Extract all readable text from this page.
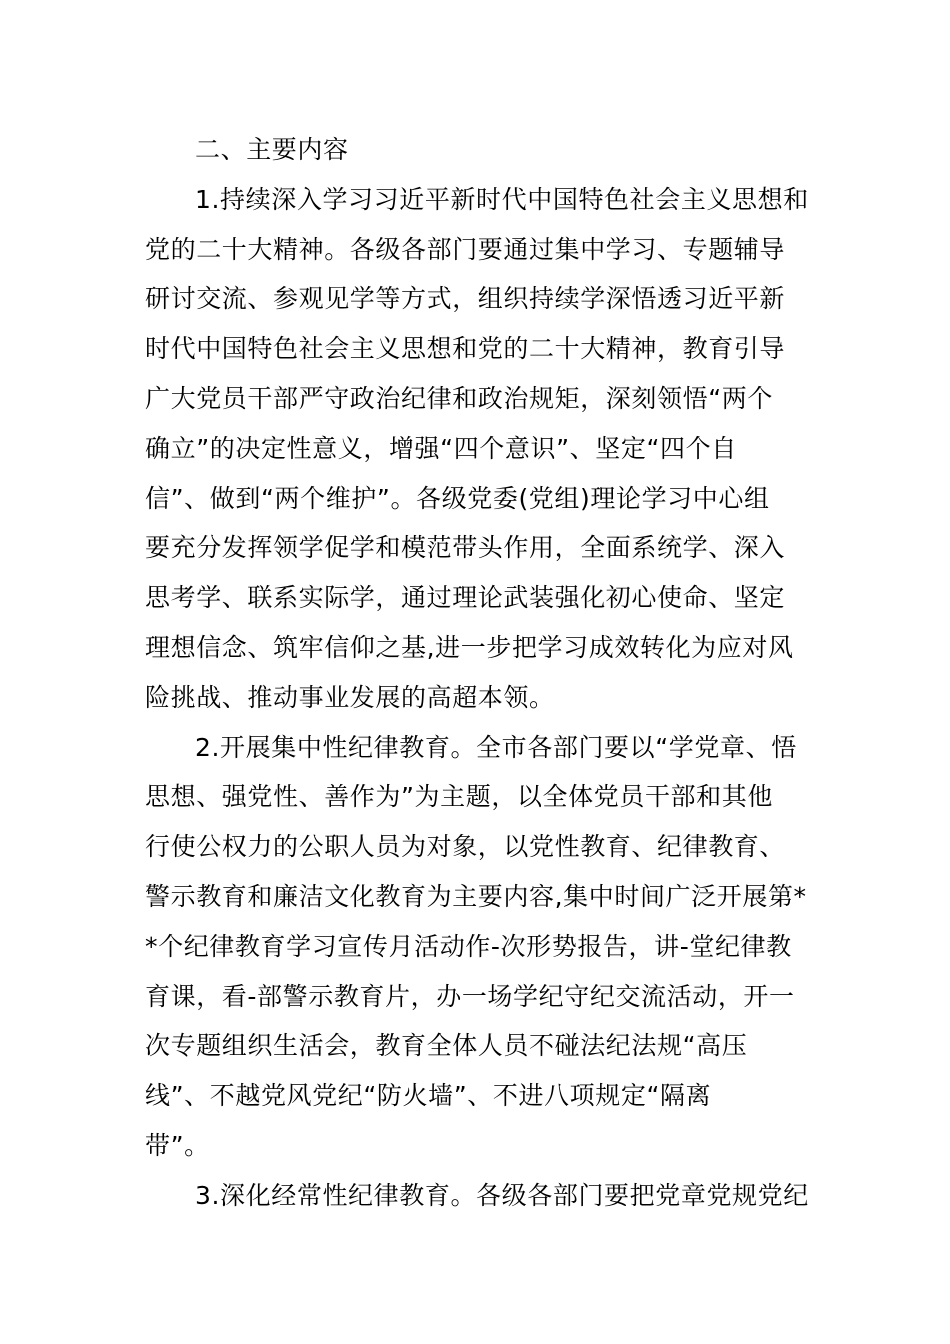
二、主要内容
1.持续深入学习习近平新时代中国特色社会主义思想和
党的二十大精神。各级各部门要通过集中学习、专题辅导
研讨交流、参观见学等方式，组织持续学深悟透习近平新
时代中国特色社会主义思想和党的二十大精神，教育引导
广大党员干部严守政治纪律和政治规矩，深刻领悟“两个
确立”的决定性意义，增强“四个意识”、坚定“四个自
信”、做到“两个维护”。各级党委(党组)理论学习中心组
要充分发挥领学促学和模范带头作用，全面系统学、深入
思考学、联系实际学，通过理论武装强化初心使命、坚定
理想信念、筑牢信仰之基,进一步把学习成效转化为应对风
险挑战、推动事业发展的高超本领。
2.开展集中性纪律教育。全市各部门要以“学党章、悟
思想、强党性、善作为”为主题，以全体党员干部和其他
行使公权力的公职人员为对象，以党性教育、纪律教育、
警示教育和廉洁文化教育为主要内容,集中时间广泛开展第*
*个纪律教育学习宣传月活动作-次形势报告，讲-堂纪律教
育课，看-部警示教育片，办一场学纪守纪交流活动，开一
次专题组织生活会，教育全体人员不碰法纪法规“高压
线”、不越党风党纪“防火墙”、不进八项规定“隔离
带”。
3.深化经常性纪律教育。各级各部门要把党章党规党纪
